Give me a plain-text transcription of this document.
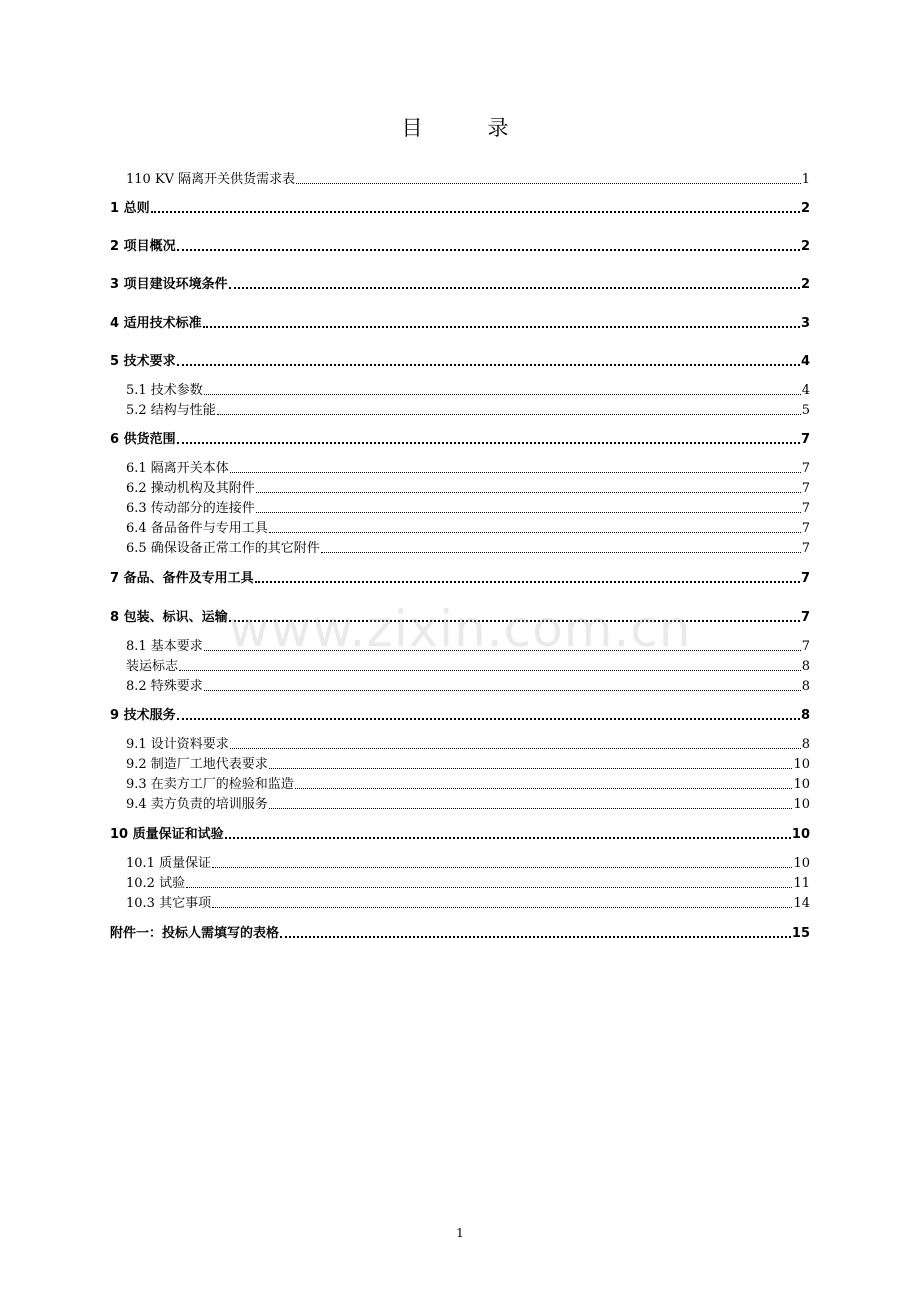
目　录
110 KV 隔离开关供货需求表	1
1 总则	2
2 项目概况	2
3 项目建设环境条件	2
4 适用技术标准	3
5 技术要求	4
5.1 技术参数	4
5.2 结构与性能	5
6 供货范围	7
6.1 隔离开关本体	7
6.2 操动机构及其附件	7
6.3 传动部分的连接件	7
6.4 备品备件与专用工具	7
6.5 确保设备正常工作的其它附件	7
7 备品、备件及专用工具	7
8 包装、标识、运输	7
8.1 基本要求	7
装运标志	8
8.2 特殊要求	8
9 技术服务	8
9.1 设计资料要求	8
9.2 制造厂工地代表要求	10
9.3 在卖方工厂的检验和监造	10
9.4 卖方负责的培训服务	10
10 质量保证和试验	10
10.1 质量保证	10
10.2 试验	11
10.3 其它事项	14
附件一：投标人需填写的表格	15
www.zixin.com.cn
1
